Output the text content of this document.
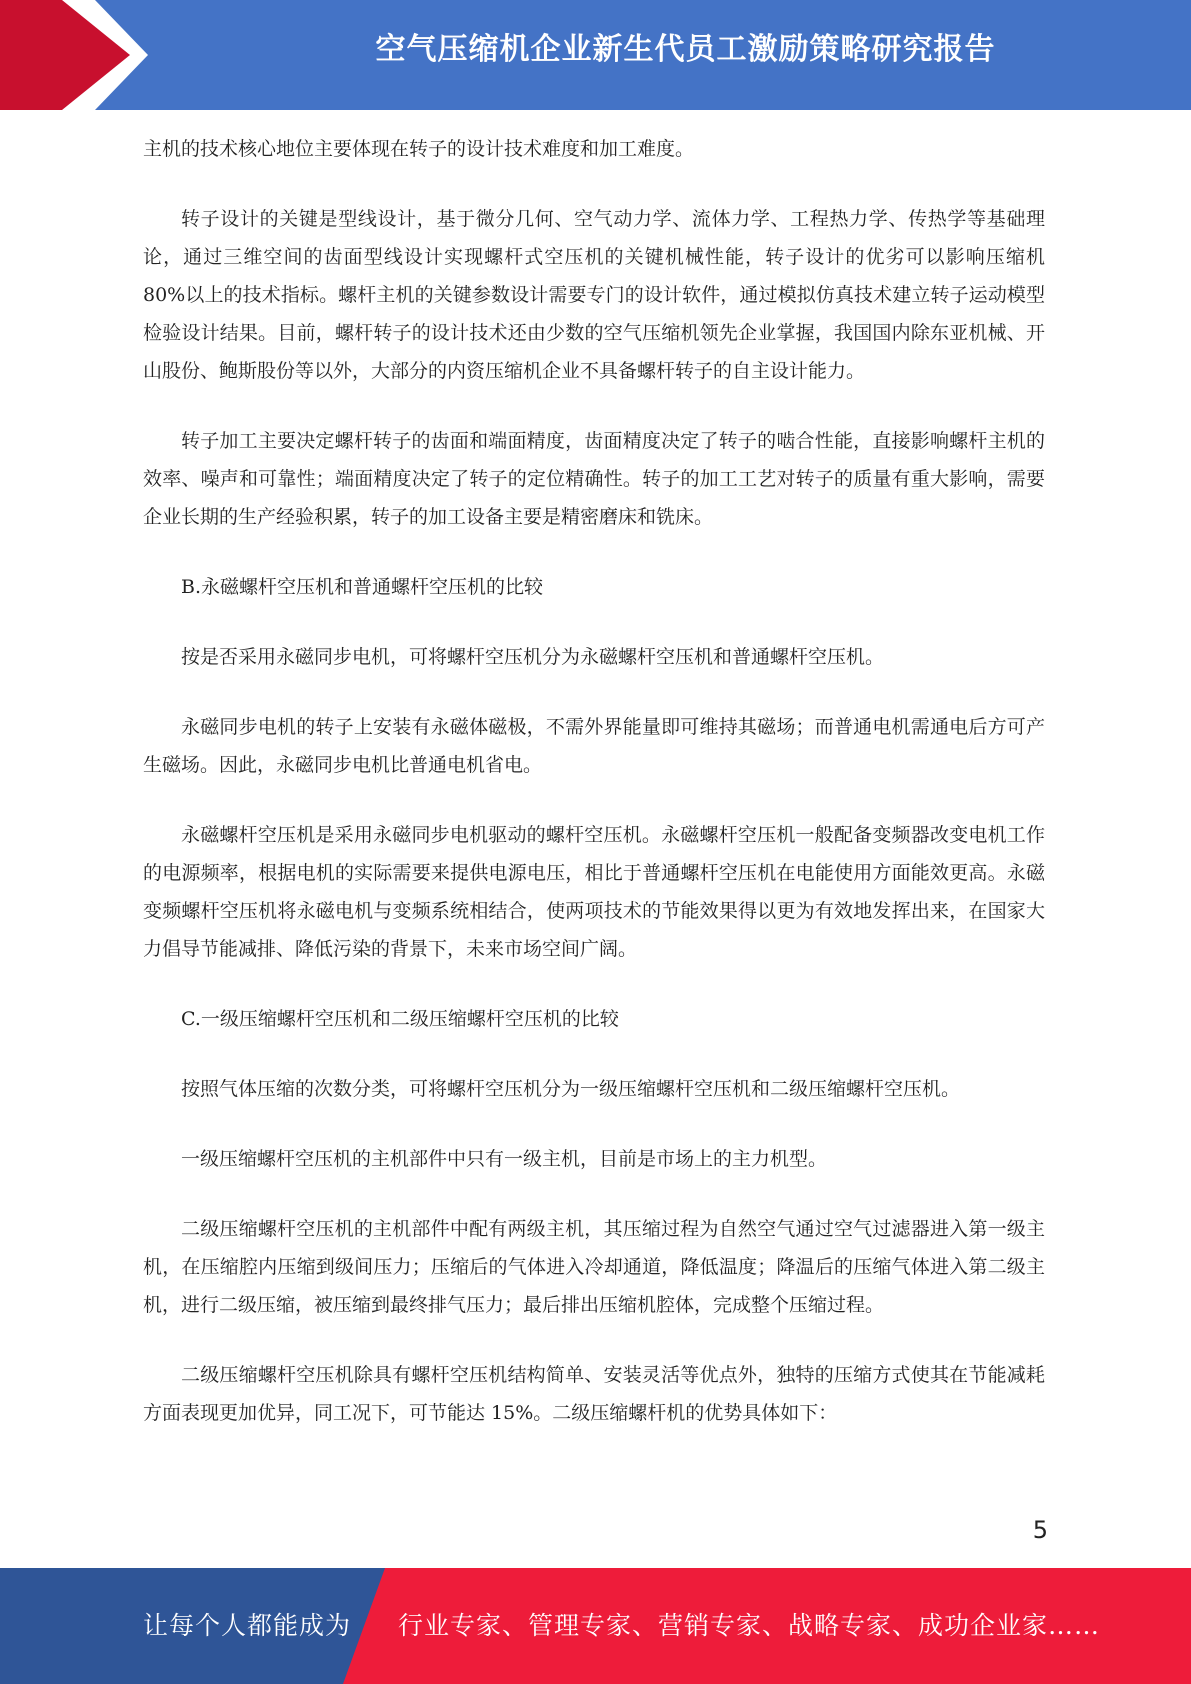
空气压缩机企业新生代员工激励策略研究报告

主机的技术核心地位主要体现在转子的设计技术难度和加工难度。

转子设计的关键是型线设计，基于微分几何、空气动力学、流体力学、工程热力学、传热学等基础理论，通过三维空间的齿面型线设计实现螺杆式空压机的关键机械性能，转子设计的优劣可以影响压缩机 80%以上的技术指标。螺杆主机的关键参数设计需要专门的设计软件，通过模拟仿真技术建立转子运动模型检验设计结果。目前，螺杆转子的设计技术还由少数的空气压缩机领先企业掌握，我国国内除东亚机械、开山股份、鲍斯股份等以外，大部分的内资压缩机企业不具备螺杆转子的自主设计能力。

转子加工主要决定螺杆转子的齿面和端面精度，齿面精度决定了转子的啮合性能，直接影响螺杆主机的效率、噪声和可靠性；端面精度决定了转子的定位精确性。转子的加工工艺对转子的质量有重大影响，需要企业长期的生产经验积累，转子的加工设备主要是精密磨床和铣床。

B.永磁螺杆空压机和普通螺杆空压机的比较

按是否采用永磁同步电机，可将螺杆空压机分为永磁螺杆空压机和普通螺杆空压机。

永磁同步电机的转子上安装有永磁体磁极，不需外界能量即可维持其磁场；而普通电机需通电后方可产生磁场。因此，永磁同步电机比普通电机省电。

永磁螺杆空压机是采用永磁同步电机驱动的螺杆空压机。永磁螺杆空压机一般配备变频器改变电机工作的电源频率，根据电机的实际需要来提供电源电压，相比于普通螺杆空压机在电能使用方面能效更高。永磁变频螺杆空压机将永磁电机与变频系统相结合，使两项技术的节能效果得以更为有效地发挥出来，在国家大力倡导节能减排、降低污染的背景下，未来市场空间广阔。

C.一级压缩螺杆空压机和二级压缩螺杆空压机的比较

按照气体压缩的次数分类，可将螺杆空压机分为一级压缩螺杆空压机和二级压缩螺杆空压机。

一级压缩螺杆空压机的主机部件中只有一级主机，目前是市场上的主力机型。

二级压缩螺杆空压机的主机部件中配有两级主机，其压缩过程为自然空气通过空气过滤器进入第一级主机，在压缩腔内压缩到级间压力；压缩后的气体进入冷却通道，降低温度；降温后的压缩气体进入第二级主机，进行二级压缩，被压缩到最终排气压力；最后排出压缩机腔体，完成整个压缩过程。

二级压缩螺杆空压机除具有螺杆空压机结构简单、安装灵活等优点外，独特的压缩方式使其在节能减耗方面表现更加优异，同工况下，可节能达 15%。二级压缩螺杆机的优势具体如下：

5
让每个人都能成为 行业专家、管理专家、营销专家、战略专家、成功企业家……
